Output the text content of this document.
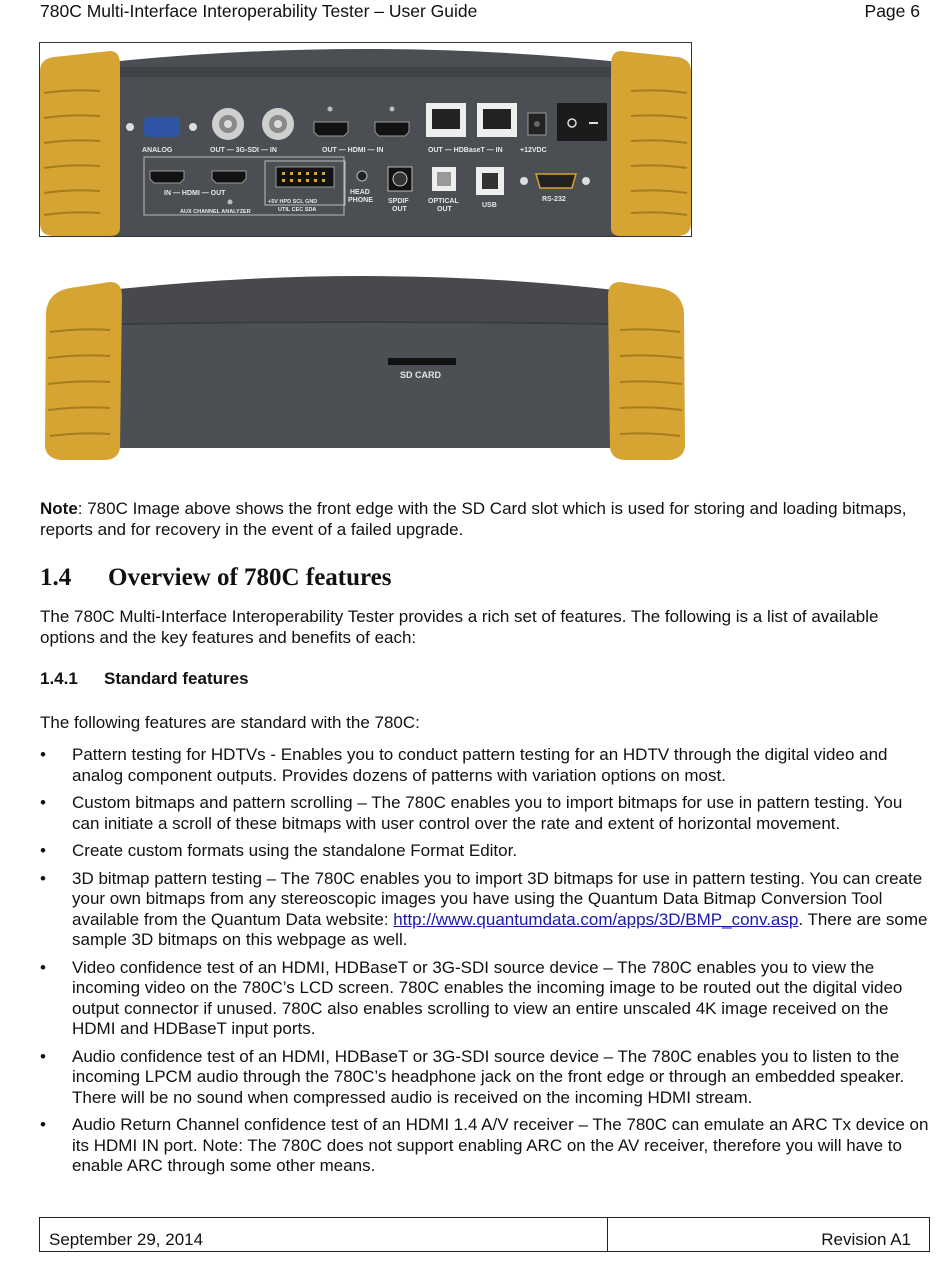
780C Multi-Interface Interoperability Tester – User Guide	Page 6
ANALOG	OUT — 3G-SDI — IN	OUT — HDMI — IN	OUT — HDBaseT — IN +12VDC
IN — HDMI — OUT
AUX CHANNEL ANALYZER
+5V HPD SCL GND
UTIL CEC SDA
HEAD
PHONE SPDIF
OUT
OPTICAL
OUT
USB
RS-232
SD CARD
Note: 780C Image above shows the front edge with the SD Card slot which is used for storing and loading bitmaps, reports and for recovery in the event of a failed upgrade.
1.4 Overview of 780C features
The 780C Multi-Interface Interoperability Tester provides a rich set of features. The following is a list of available options and the key features and benefits of each:
1.4.1 Standard features
The following features are standard with the 780C:
• Pattern testing for HDTVs - Enables you to conduct pattern testing for an HDTV through the digital video and analog component outputs. Provides dozens of patterns with variation options on most.
• Custom bitmaps and pattern scrolling – The 780C enables you to import bitmaps for use in pattern testing. You can initiate a scroll of these bitmaps with user control over the rate and extent of horizontal movement.
• Create custom formats using the standalone Format Editor.
• 3D bitmap pattern testing – The 780C enables you to import 3D bitmaps for use in pattern testing. You can create your own bitmaps from any stereoscopic images you have using the Quantum Data Bitmap Conversion Tool available from the Quantum Data website: http://www.quantumdata.com/apps/3D/BMP_conv.asp. There are some sample 3D bitmaps on this webpage as well.
• Video confidence test of an HDMI, HDBaseT or 3G-SDI source device – The 780C enables you to view the incoming video on the 780C’s LCD screen. 780C enables the incoming image to be routed out the digital video output connector if unused. 780C also enables scrolling to view an entire unscaled 4K image received on the HDMI and HDBaseT input ports.
• Audio confidence test of an HDMI, HDBaseT or 3G-SDI source device – The 780C enables you to listen to the incoming LPCM audio through the 780C’s headphone jack on the front edge or through an embedded speaker. There will be no sound when compressed audio is received on the incoming HDMI stream.
• Audio Return Channel confidence test of an HDMI 1.4 A/V receiver – The 780C can emulate an ARC Tx device on its HDMI IN port. Note: The 780C does not support enabling ARC on the AV receiver, therefore you will have to enable ARC through some other means.
September 29, 2014	Revision A1
